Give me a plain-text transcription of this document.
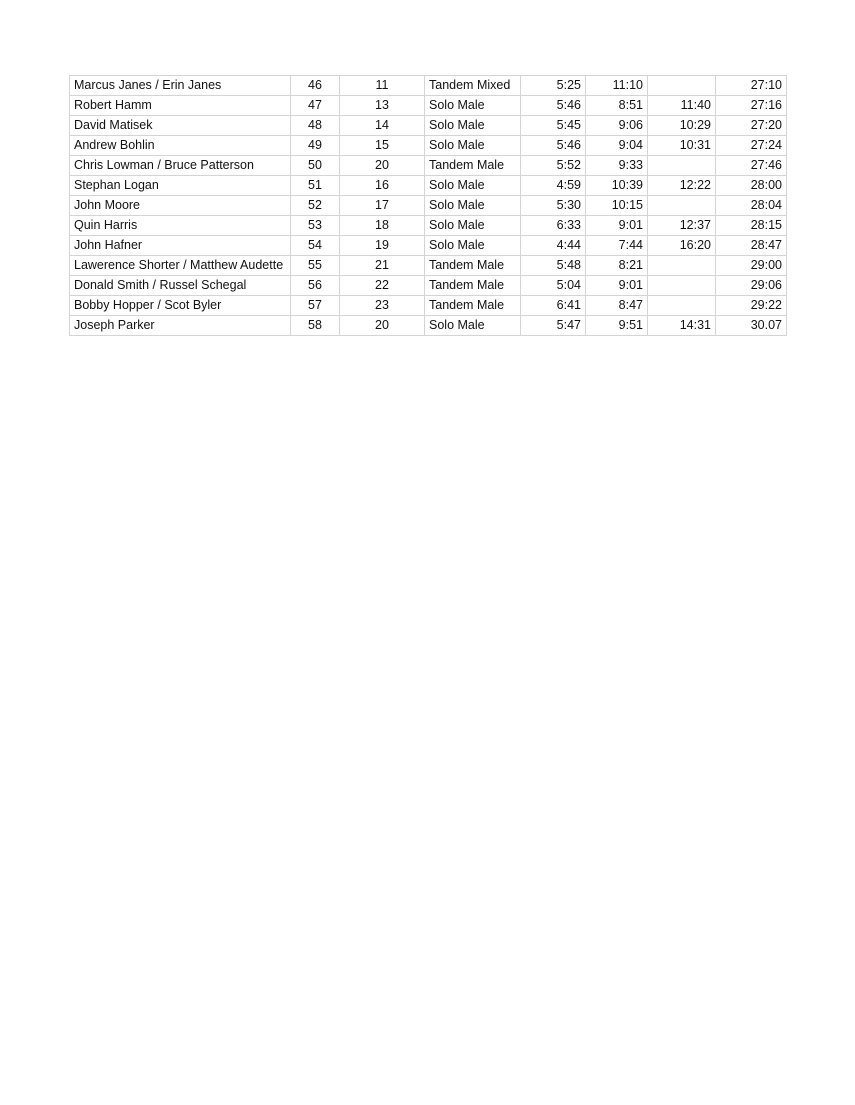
Marcus Janes / Erin Janes	46	11	Tandem Mixed	5:25	11:10		27:10
Robert Hamm	47	13	Solo Male	5:46	8:51	11:40	27:16
David Matisek	48	14	Solo Male	5:45	9:06	10:29	27:20
Andrew Bohlin	49	15	Solo Male	5:46	9:04	10:31	27:24
Chris Lowman / Bruce Patterson	50	20	Tandem Male	5:52	9:33		27:46
Stephan Logan	51	16	Solo Male	4:59	10:39	12:22	28:00
John Moore	52	17	Solo Male	5:30	10:15		28:04
Quin Harris	53	18	Solo Male	6:33	9:01	12:37	28:15
John Hafner	54	19	Solo Male	4:44	7:44	16:20	28:47
Lawerence Shorter / Matthew Audette	55	21	Tandem Male	5:48	8:21		29:00
Donald Smith / Russel Schegal	56	22	Tandem Male	5:04	9:01		29:06
Bobby Hopper / Scot Byler	57	23	Tandem Male	6:41	8:47		29:22
Joseph Parker	58	20	Solo Male	5:47	9:51	14:31	30.07
